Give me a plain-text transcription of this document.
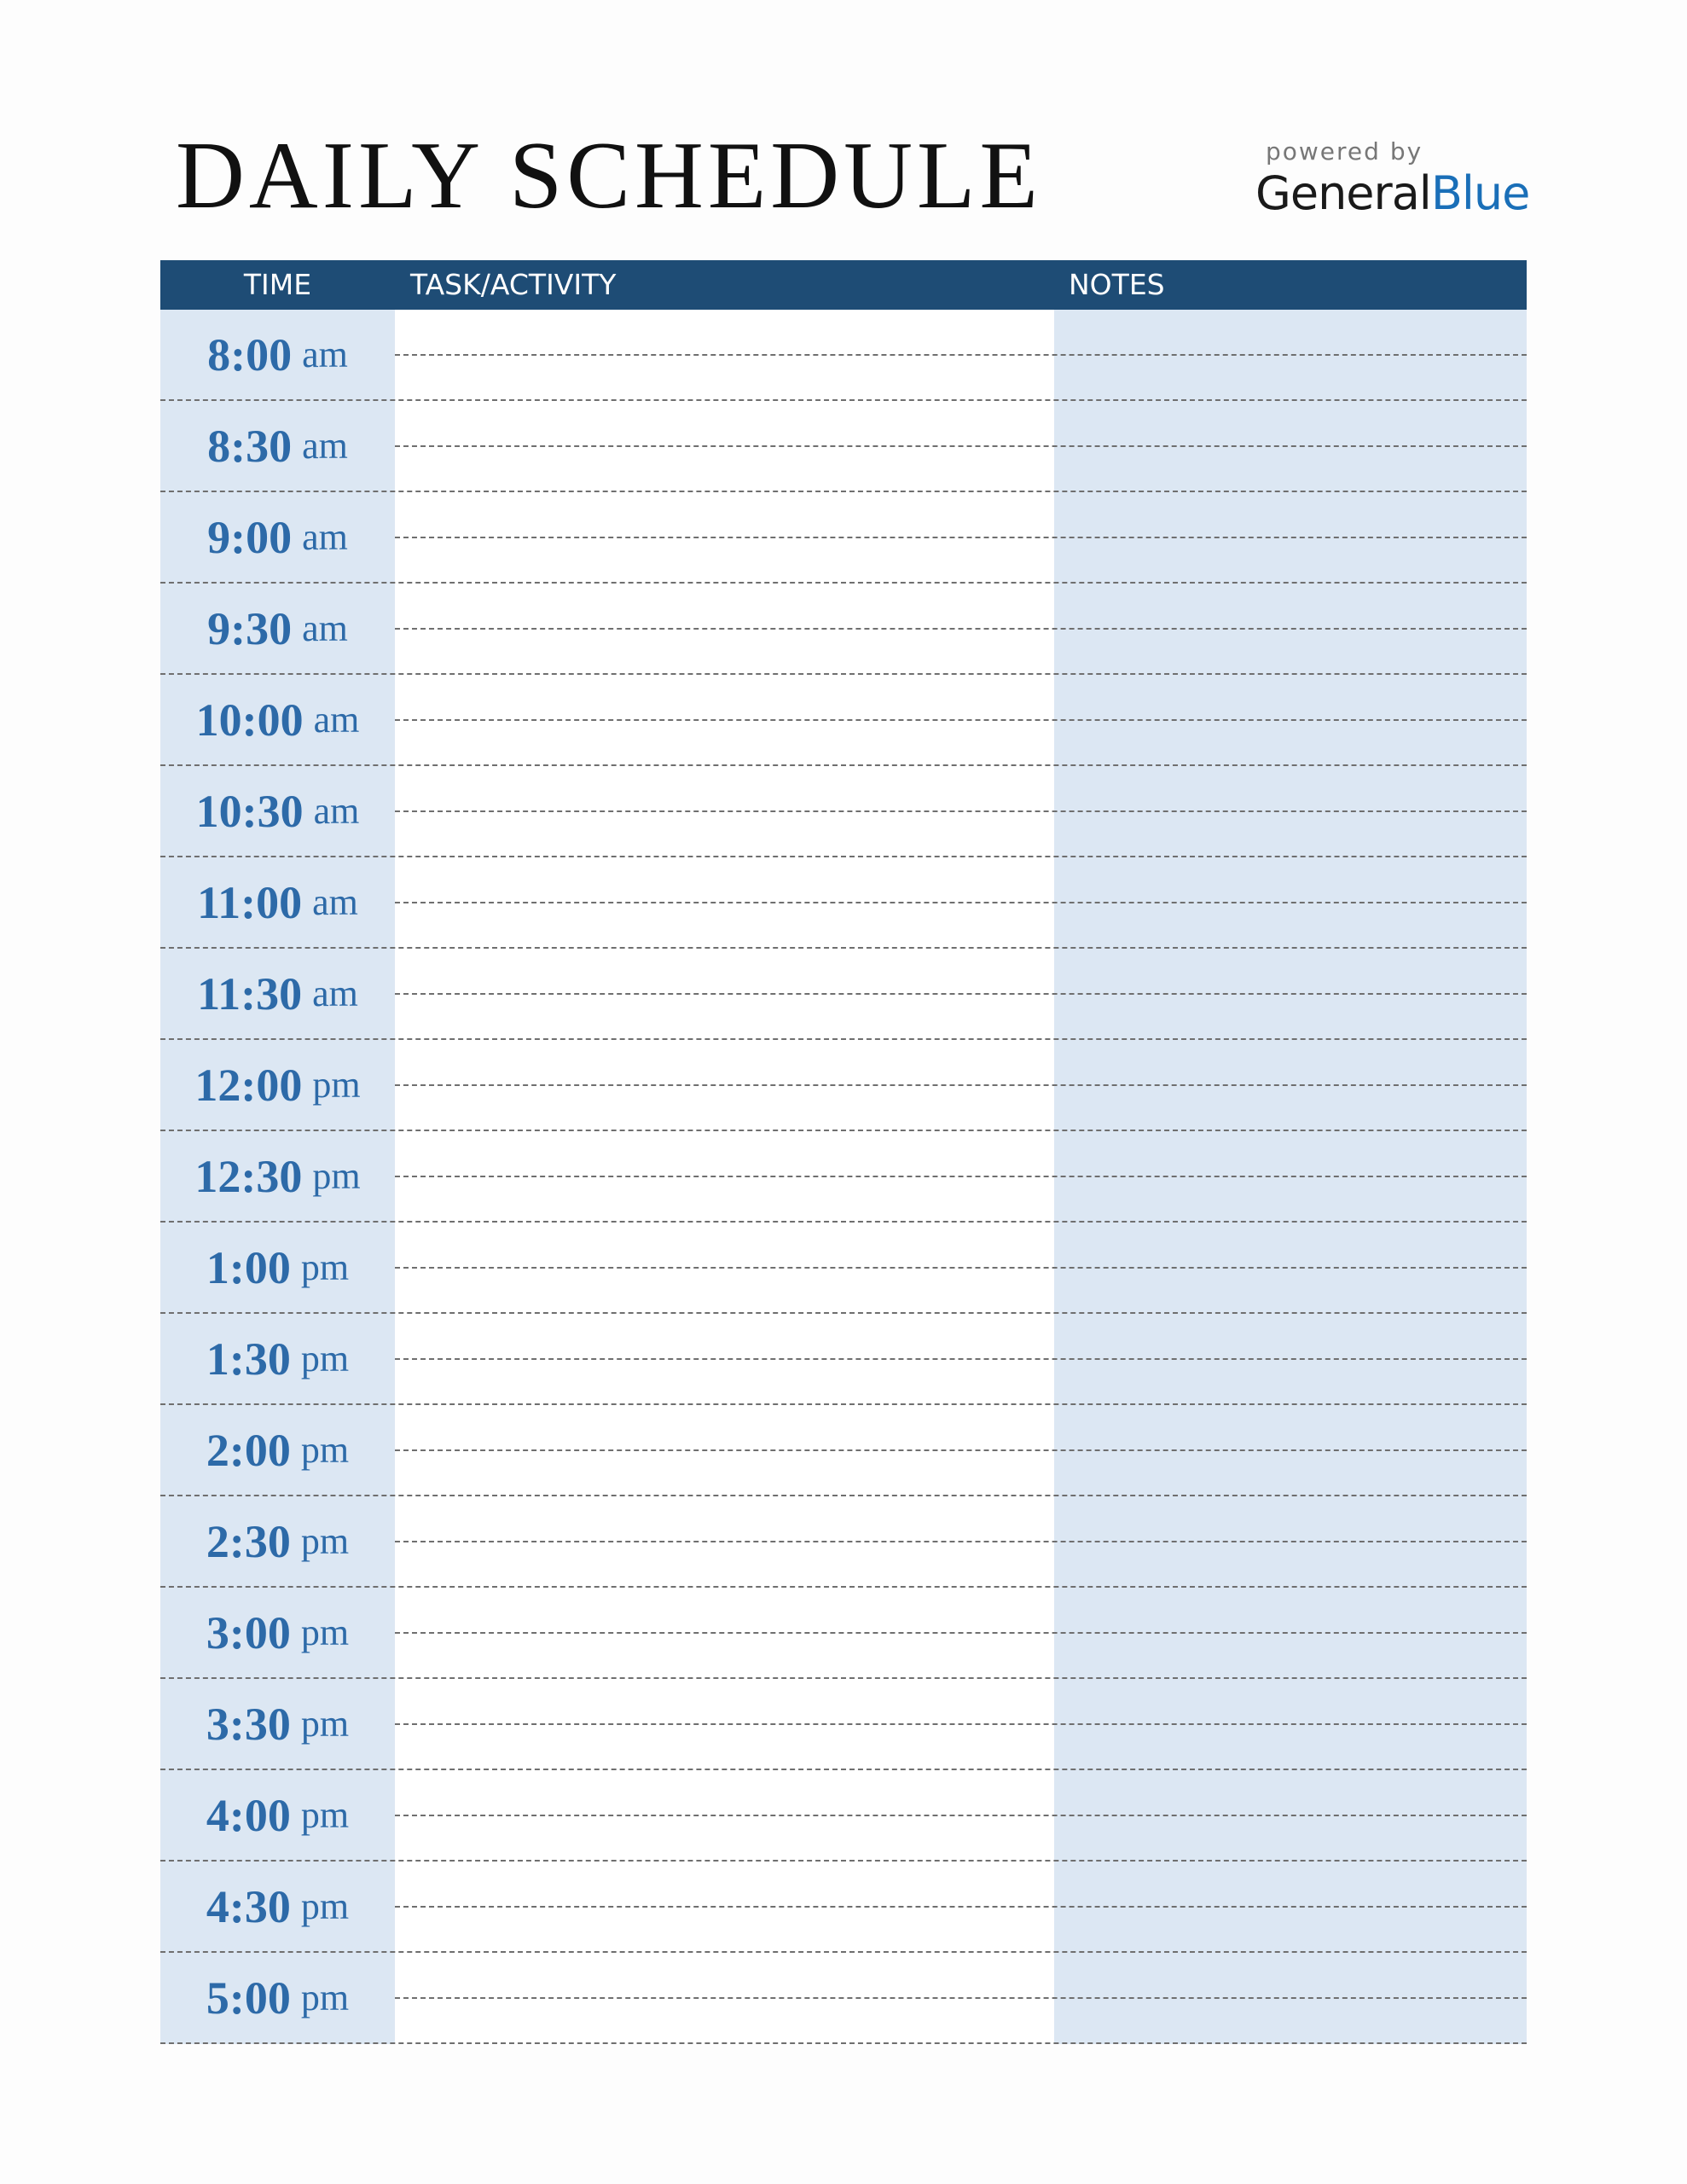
DAILY SCHEDULE	powered by
GeneralBlue
TIME	TASK/ACTIVITY	NOTES
8:00 am
8:30 am
9:00 am
9:30 am
10:00 am
10:30 am
11:00 am
11:30 am
12:00 pm
12:30 pm
1:00 pm
1:30 pm
2:00 pm
2:30 pm
3:00 pm
3:30 pm
4:00 pm
4:30 pm
5:00 pm
